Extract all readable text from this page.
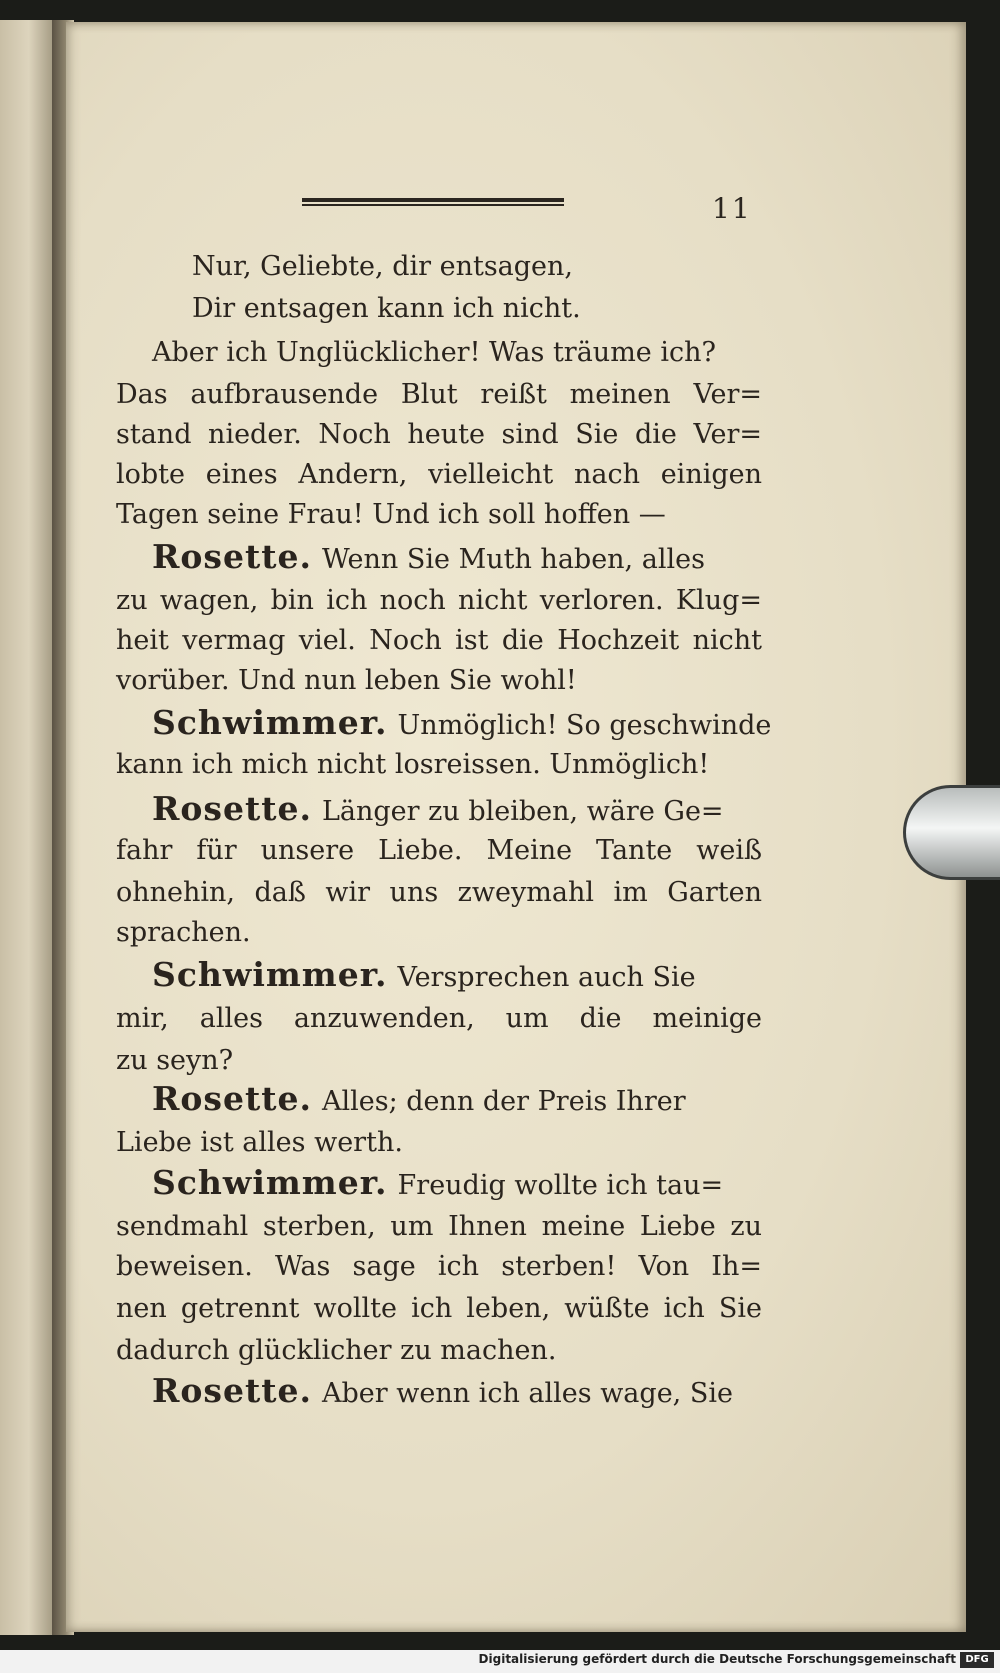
11
Nur, Geliebte, dir entsagen,
Dir entsagen kann ich nicht.
Aber ich Unglücklicher! Was träume ich?
Das aufbrausende Blut reißt meinen Ver=
stand nieder. Noch heute sind Sie die Ver=
lobte eines Andern, vielleicht nach einigen
Tagen seine Frau! Und ich soll hoffen —
Rosette. Wenn Sie Muth haben, alles
zu wagen, bin ich noch nicht verloren. Klug=
heit vermag viel. Noch ist die Hochzeit nicht
vorüber. Und nun leben Sie wohl!
Schwimmer. Unmöglich! So geschwinde
kann ich mich nicht losreissen. Unmöglich!
Rosette. Länger zu bleiben, wäre Ge=
fahr für unsere Liebe. Meine Tante weiß
ohnehin, daß wir uns zweymahl im Garten
sprachen.
Schwimmer. Versprechen auch Sie
mir, alles anzuwenden, um die meinige
zu seyn?
Rosette. Alles; denn der Preis Ihrer
Liebe ist alles werth.
Schwimmer. Freudig wollte ich tau=
sendmahl sterben, um Ihnen meine Liebe zu
beweisen. Was sage ich sterben! Von Ih=
nen getrennt wollte ich leben, wüßte ich Sie
dadurch glücklicher zu machen.
Rosette. Aber wenn ich alles wage, Sie
Digitalisierung gefördert durch die Deutsche Forschungsgemeinschaft DFG
